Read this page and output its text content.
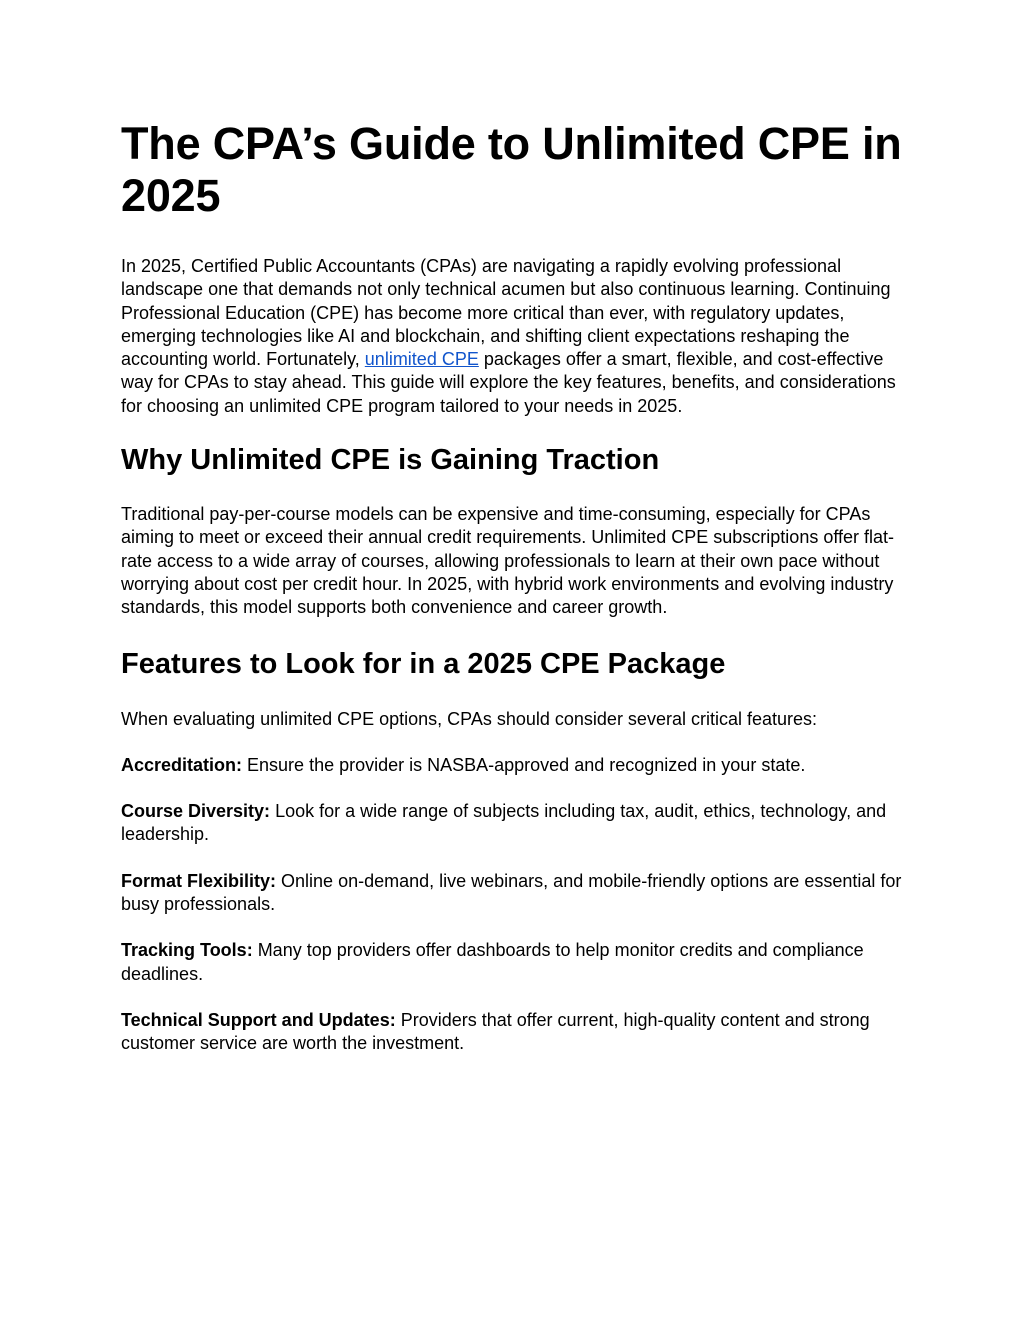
The CPA’s Guide to Unlimited CPE in 2025

In 2025, Certified Public Accountants (CPAs) are navigating a rapidly evolving professional landscape one that demands not only technical acumen but also continuous learning. Continuing Professional Education (CPE) has become more critical than ever, with regulatory updates, emerging technologies like AI and blockchain, and shifting client expectations reshaping the accounting world. Fortunately, unlimited CPE packages offer a smart, flexible, and cost-effective way for CPAs to stay ahead. This guide will explore the key features, benefits, and considerations for choosing an unlimited CPE program tailored to your needs in 2025.

Why Unlimited CPE is Gaining Traction

Traditional pay-per-course models can be expensive and time-consuming, especially for CPAs aiming to meet or exceed their annual credit requirements. Unlimited CPE subscriptions offer flat-rate access to a wide array of courses, allowing professionals to learn at their own pace without worrying about cost per credit hour. In 2025, with hybrid work environments and evolving industry standards, this model supports both convenience and career growth.

Features to Look for in a 2025 CPE Package

When evaluating unlimited CPE options, CPAs should consider several critical features:

Accreditation: Ensure the provider is NASBA-approved and recognized in your state.

Course Diversity: Look for a wide range of subjects including tax, audit, ethics, technology, and leadership.

Format Flexibility: Online on-demand, live webinars, and mobile-friendly options are essential for busy professionals.

Tracking Tools: Many top providers offer dashboards to help monitor credits and compliance deadlines.

Technical Support and Updates: Providers that offer current, high-quality content and strong customer service are worth the investment.
